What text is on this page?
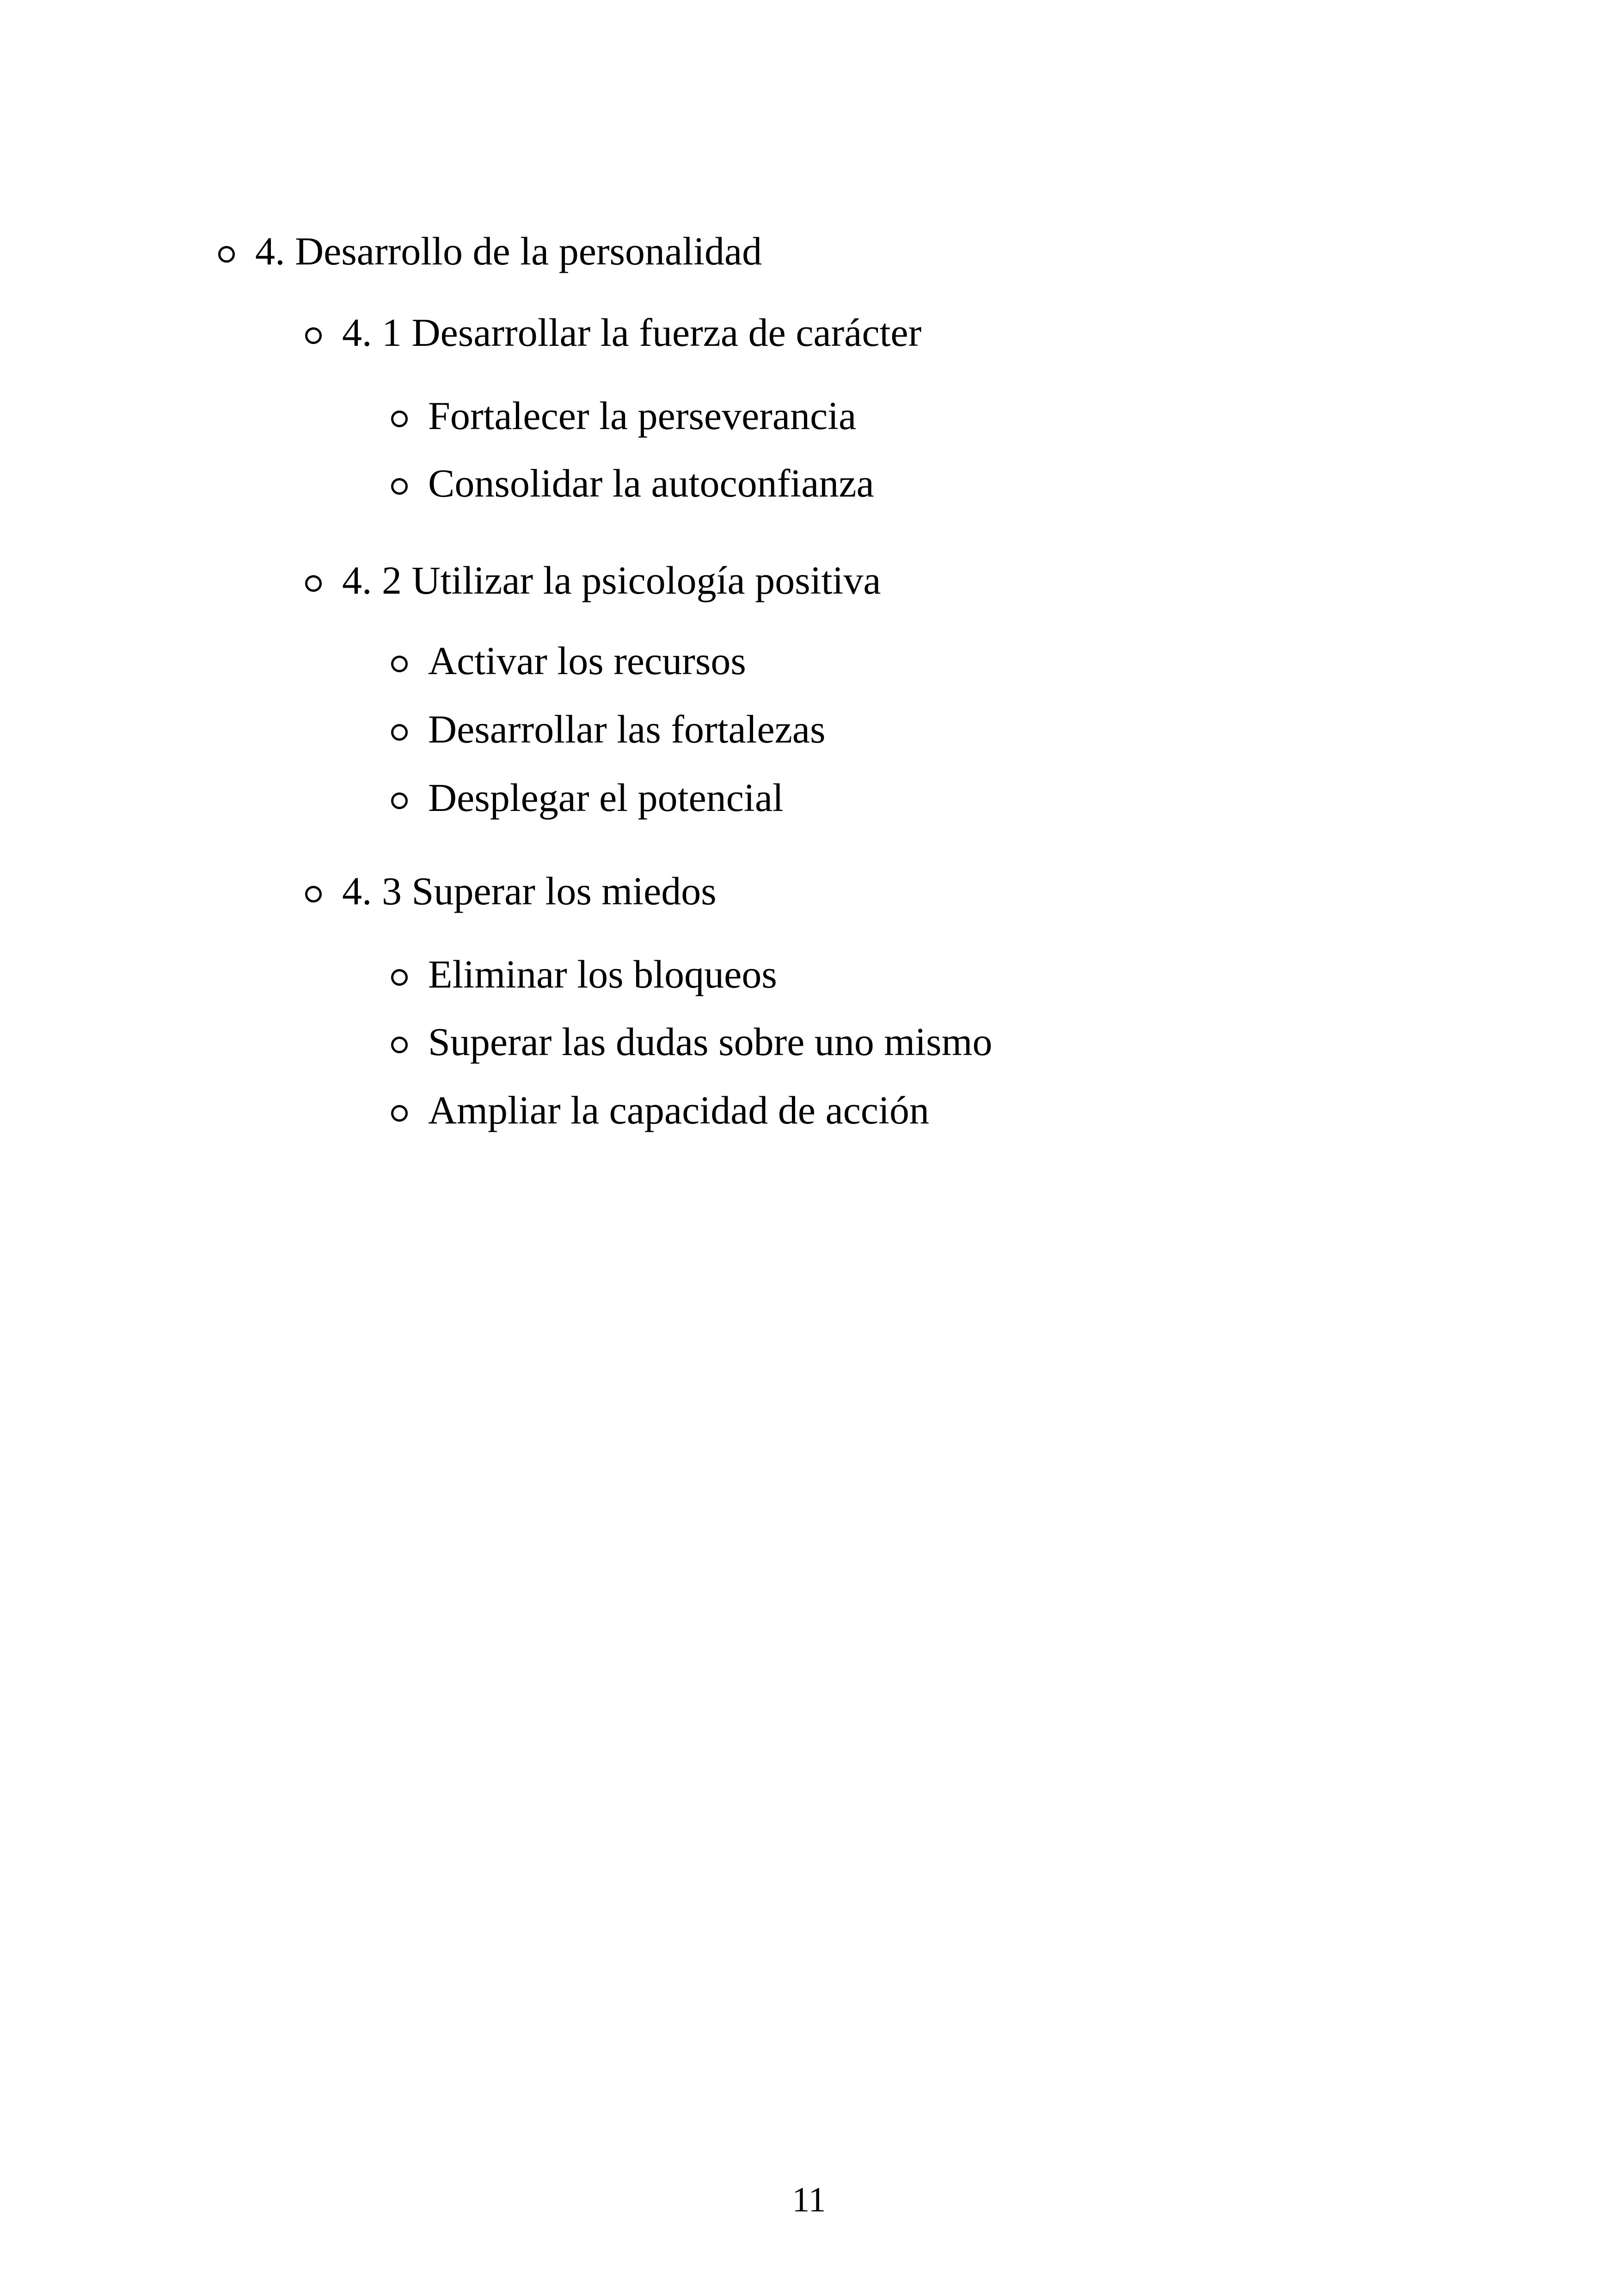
4. Desarrollo de la personalidad
4. 1 Desarrollar la fuerza de carácter
Fortalecer la perseverancia
Consolidar la autoconfianza
4. 2 Utilizar la psicología positiva
Activar los recursos
Desarrollar las fortalezas
Desplegar el potencial
4. 3 Superar los miedos
Eliminar los bloqueos
Superar las dudas sobre uno mismo
Ampliar la capacidad de acción
11
